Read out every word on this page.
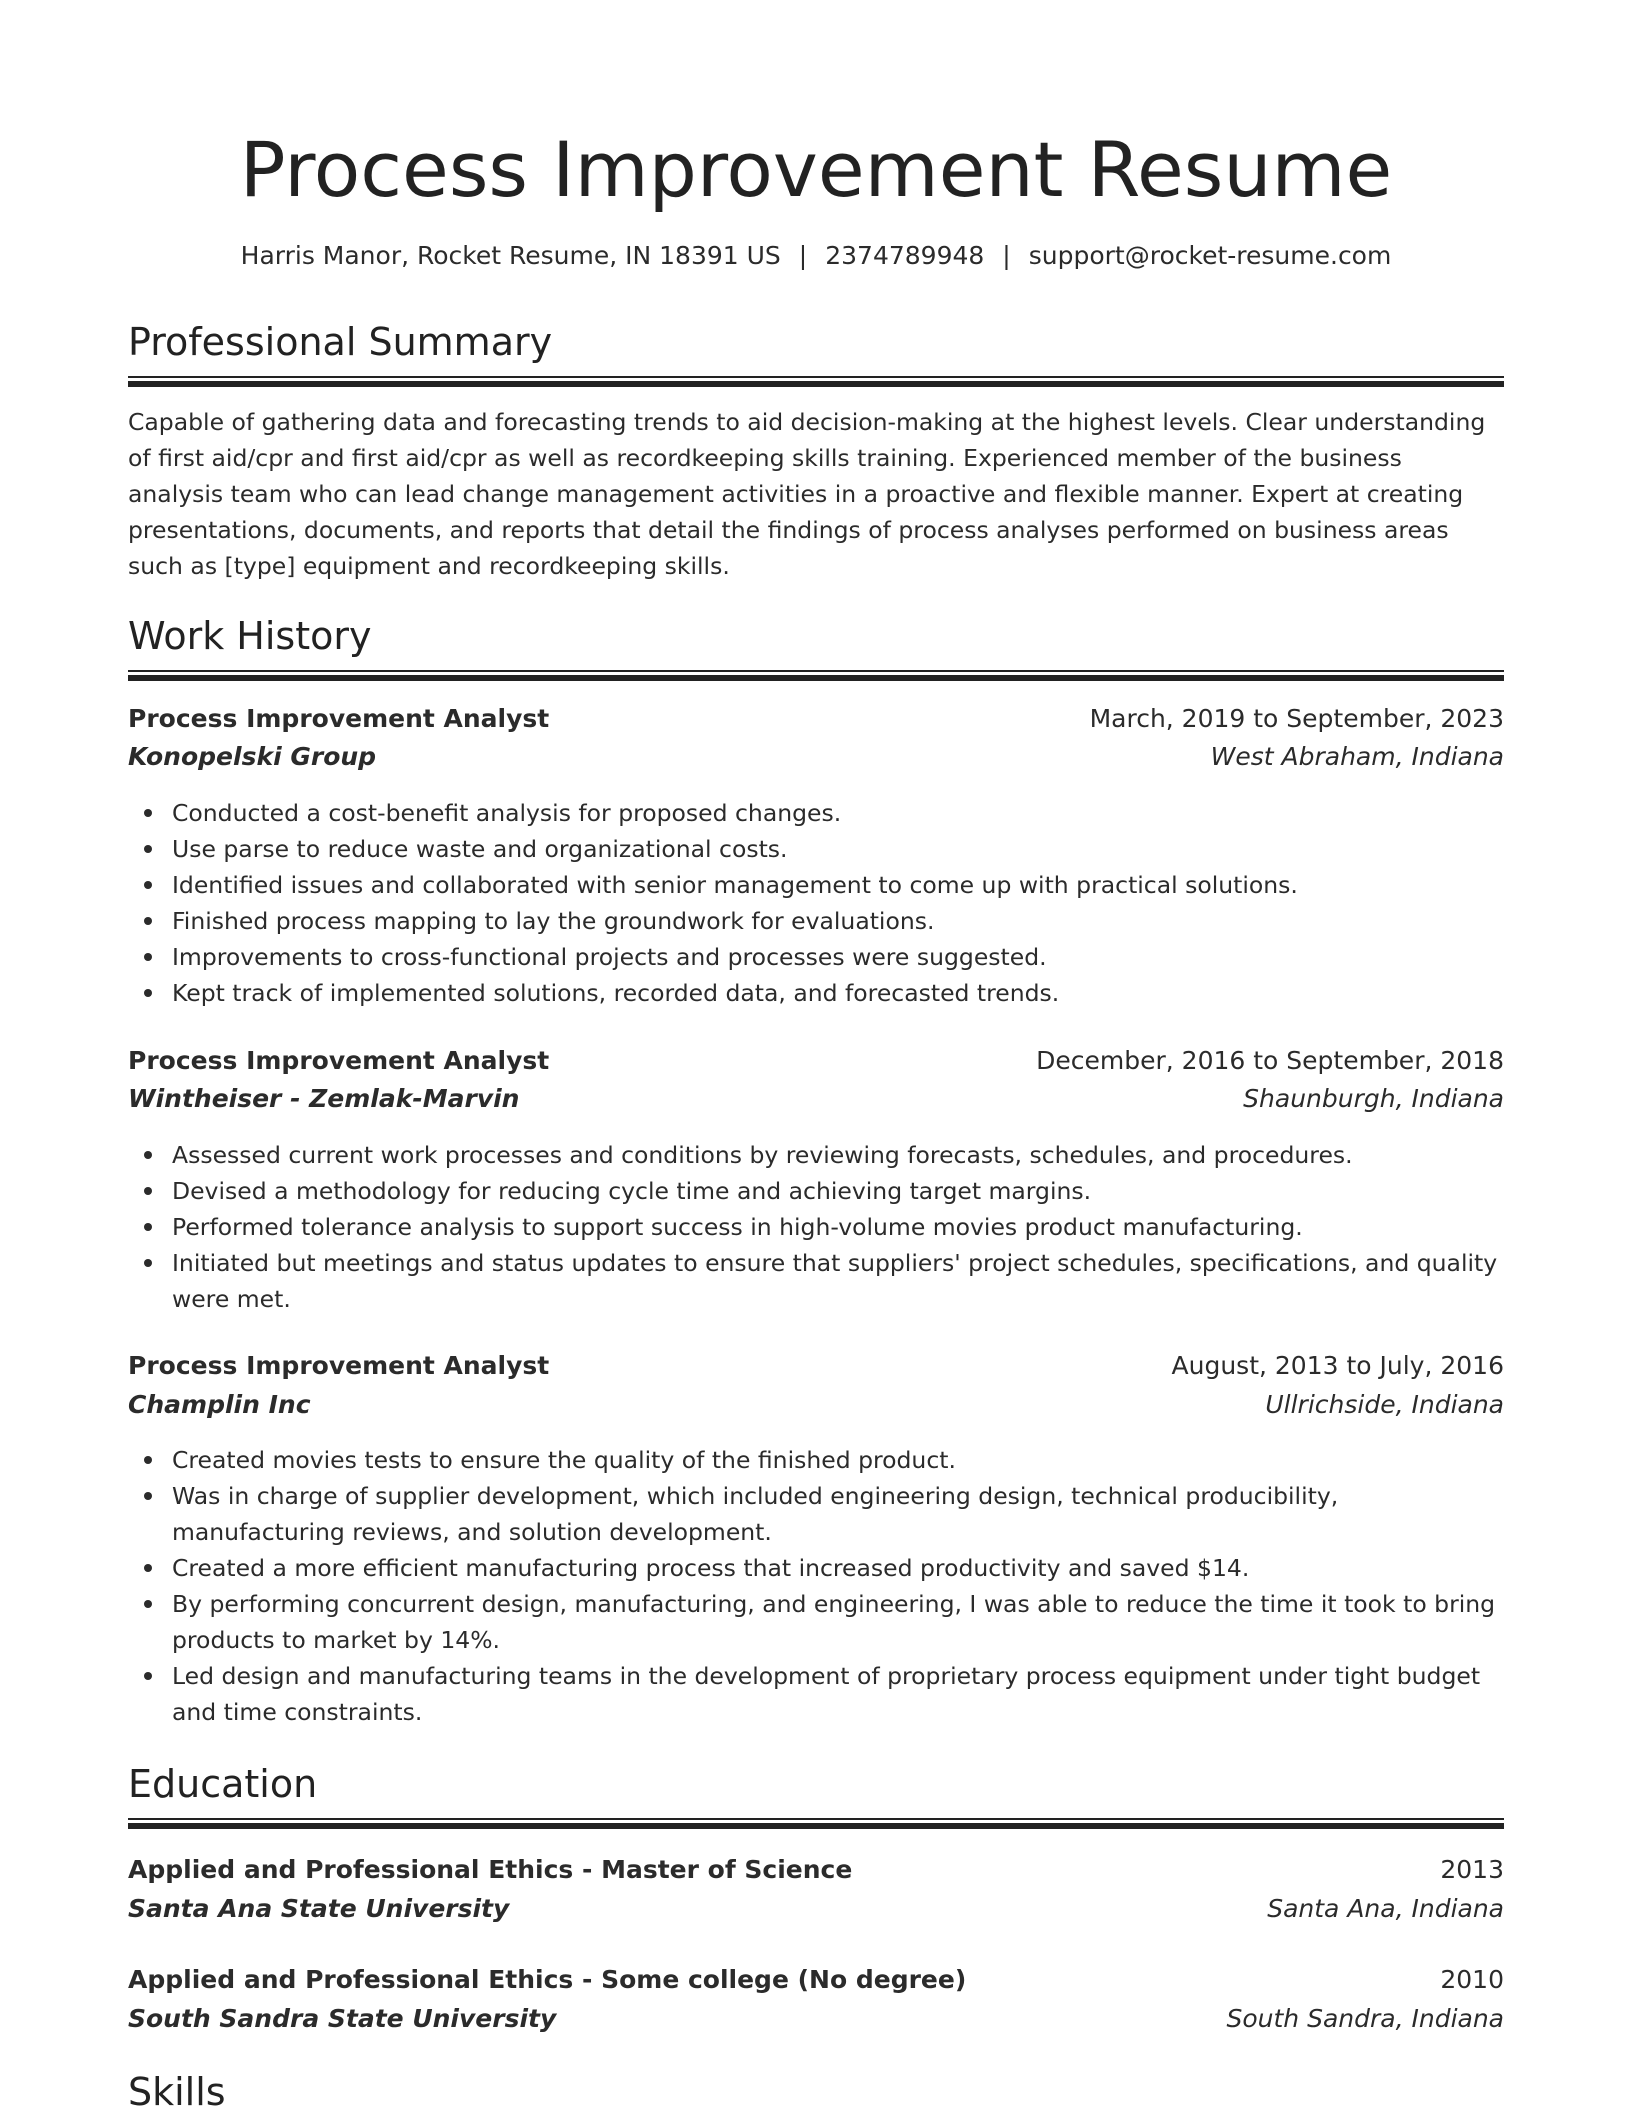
Process Improvement Resume
Harris Manor, Rocket Resume, IN 18391 US | 2374789948 | support@rocket-resume.com
Professional Summary

Capable of gathering data and forecasting trends to aid decision-making at the highest levels. Clear understanding of first aid/cpr and first aid/cpr as well as recordkeeping skills training. Experienced member of the business analysis team who can lead change management activities in a proactive and flexible manner. Expert at creating presentations, documents, and reports that detail the findings of process analyses performed on business areas such as [type] equipment and recordkeeping skills.

Work History
Process Improvement Analyst	March, 2019 to September, 2023
Konopelski Group	West Abraham, Indiana
Conducted a cost-benefit analysis for proposed changes.
Use parse to reduce waste and organizational costs.
Identified issues and collaborated with senior management to come up with practical solutions.
Finished process mapping to lay the groundwork for evaluations.
Improvements to cross-functional projects and processes were suggested.
Kept track of implemented solutions, recorded data, and forecasted trends.
Process Improvement Analyst	December, 2016 to September, 2018
Wintheiser - Zemlak-Marvin	Shaunburgh, Indiana
Assessed current work processes and conditions by reviewing forecasts, schedules, and procedures.
Devised a methodology for reducing cycle time and achieving target margins.
Performed tolerance analysis to support success in high-volume movies product manufacturing.
Initiated but meetings and status updates to ensure that suppliers' project schedules, specifications, and quality were met.
Process Improvement Analyst	August, 2013 to July, 2016
Champlin Inc	Ullrichside, Indiana
Created movies tests to ensure the quality of the finished product.
Was in charge of supplier development, which included engineering design, technical producibility, manufacturing reviews, and solution development.
Created a more efficient manufacturing process that increased productivity and saved $14.
By performing concurrent design, manufacturing, and engineering, I was able to reduce the time it took to bring products to market by 14%.
Led design and manufacturing teams in the development of proprietary process equipment under tight budget and time constraints.
Education
Applied and Professional Ethics - Master of Science	2013
Santa Ana State University	Santa Ana, Indiana
Applied and Professional Ethics - Some college (No degree)	2010
South Sandra State University	South Sandra, Indiana
Skills
